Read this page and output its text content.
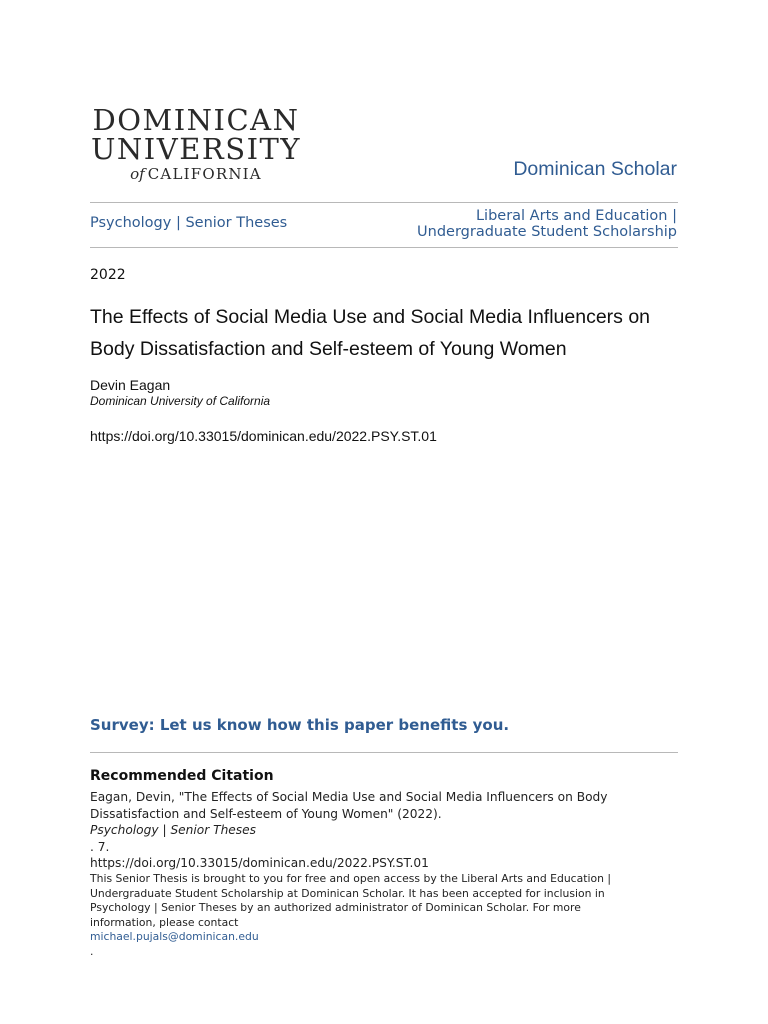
DOMINICAN
UNIVERSITY
of CALIFORNIA	Dominican Scholar
Psychology | Senior Theses	Liberal Arts and Education |
Undergraduate Student Scholarship
2022
The Effects of Social Media Use and Social Media Influencers on Body Dissatisfaction and Self-esteem of Young Women
Devin Eagan
Dominican University of California
https://doi.org/10.33015/dominican.edu/2022.PSY.ST.01
Survey: Let us know how this paper benefits you.
Recommended Citation
Eagan, Devin, "The Effects of Social Media Use and Social Media Influencers on Body
Dissatisfaction and Self-esteem of Young Women" (2022).
Psychology | Senior Theses
. 7.
https://doi.org/10.33015/dominican.edu/2022.PSY.ST.01
This Senior Thesis is brought to you for free and open access by the Liberal Arts and Education |
Undergraduate Student Scholarship at Dominican Scholar. It has been accepted for inclusion in
Psychology | Senior Theses by an authorized administrator of Dominican Scholar. For more
information, please contact
michael.pujals@dominican.edu
.
